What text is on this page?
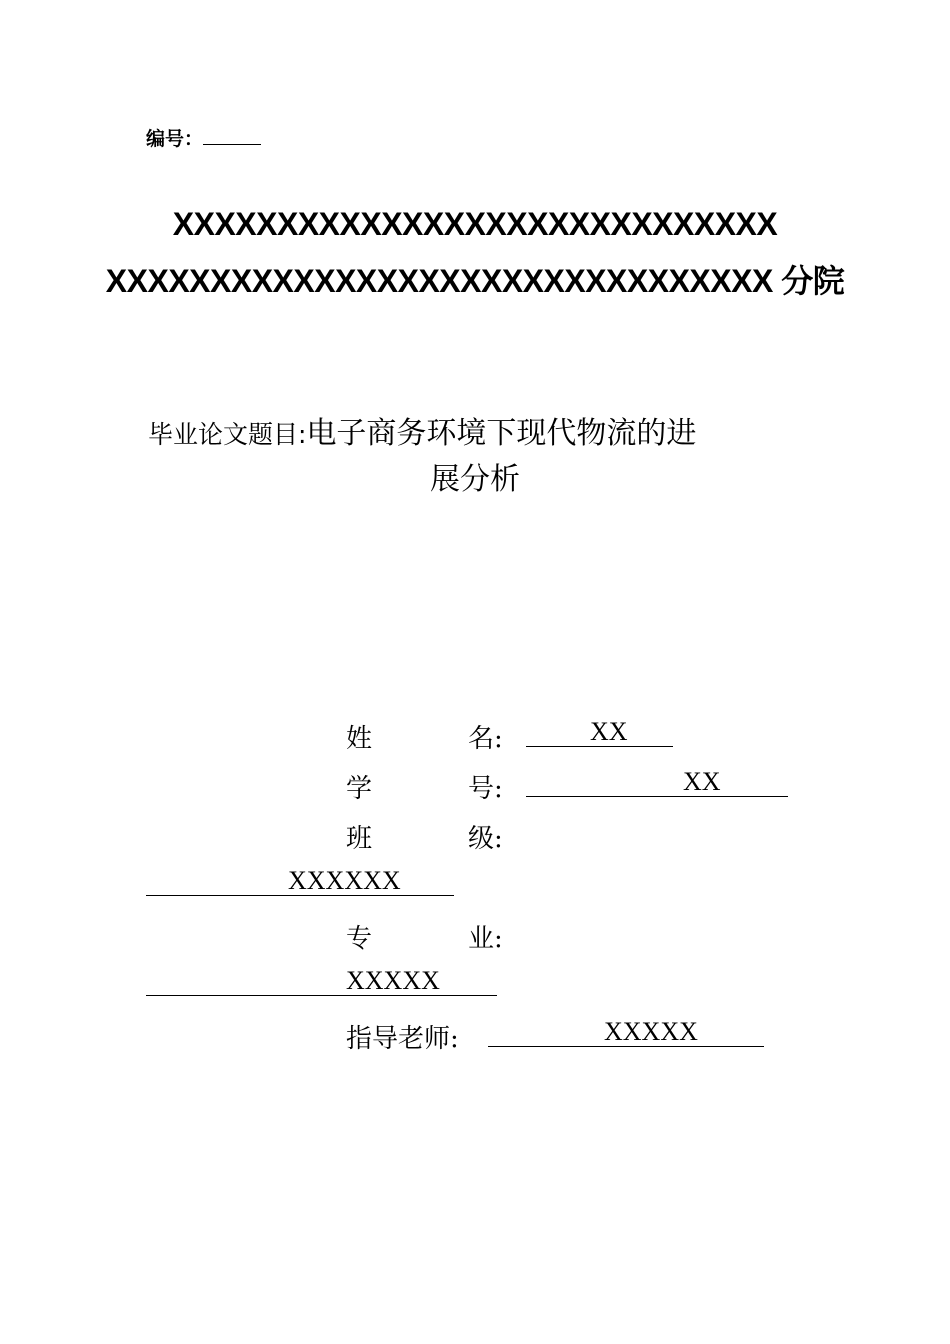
编号：
XXXXXXXXXXXXXXXXXXXXXXXXXXXXX
XXXXXXXXXXXXXXXXXXXXXXXXXXXXXXXX 分院
毕业论文题目:电子商务环境下现代物流的进
展分析
姓	名:	XX
学	号:	XX
班	级:
XXXXXX
专	业:
XXXXX
指导老师:	XXXXX
